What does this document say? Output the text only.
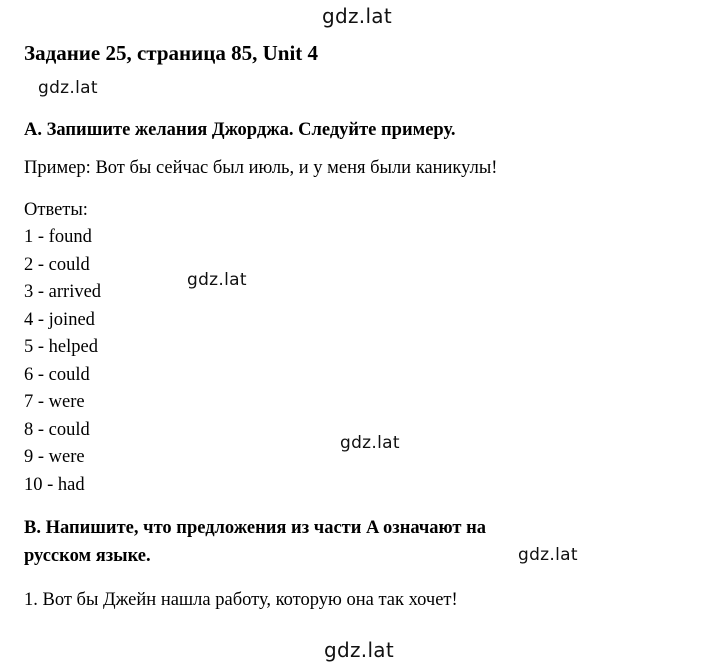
gdz.lat
Задание 25, страница 85, Unit 4
gdz.lat
A. Запишите желания Джорджа. Следуйте примеру.
Пример: Вот бы сейчас был июль, и у меня были каникулы!
Ответы:
1 - found
2 - could
3 - arrived
4 - joined
5 - helped
6 - could
7 - were
8 - could
9 - were
10 - had
gdz.lat
gdz.lat
B. Напишите, что предложения из части A означают на
русском языке.	gdz.lat
1. Вот бы Джейн нашла работу, которую она так хочет!
gdz.lat
